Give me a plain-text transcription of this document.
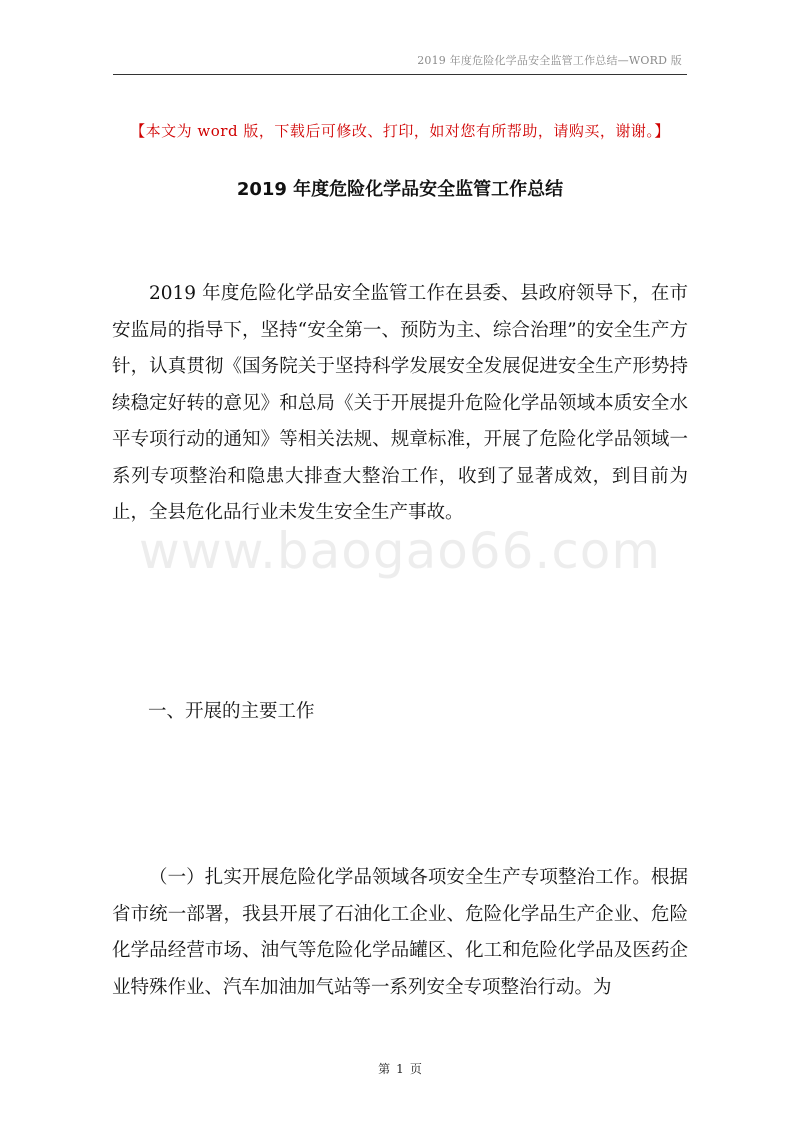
2019 年度危险化学品安全监管工作总结—WORD 版
【本文为 word 版，下载后可修改、打印，如对您有所帮助，请购买，谢谢。】
2019 年度危险化学品安全监管工作总结

2019 年度危险化学品安全监管工作在县委、县政府领导下，在市安监局的指导下，坚持“安全第一、预防为主、综合治理”的安全生产方针，认真贯彻《国务院关于坚持科学发展安全发展促进安全生产形势持续稳定好转的意见》和总局《关于开展提升危险化学品领域本质安全水平专项行动的通知》等相关法规、规章标准，开展了危险化学品领域一系列专项整治和隐患大排查大整治工作，收到了显著成效，到目前为止，全县危化品行业未发生安全生产事故。

www.baogao66.com
一、开展的主要工作

（一）扎实开展危险化学品领域各项安全生产专项整治工作。根据省市统一部署，我县开展了石油化工企业、危险化学品生产企业、危险化学品经营市场、油气等危险化学品罐区、化工和危险化学品及医药企业特殊作业、汽车加油加气站等一系列安全专项整治行动。为

第 1 页
